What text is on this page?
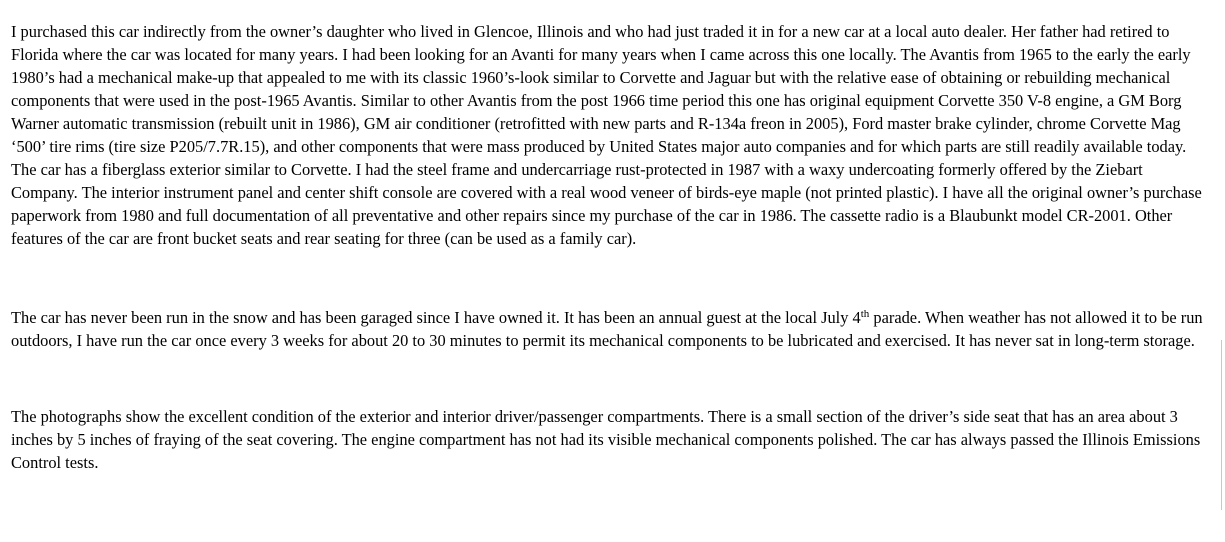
I purchased this car indirectly from the owner’s daughter who lived in Glencoe, Illinois and who had just traded it in for a new car at a local auto dealer. Her father had retired to Florida where the car was located for many years. I had been looking for an Avanti for many years when I came across this one locally. The Avantis from 1965 to the early the early 1980’s had a mechanical make-up that appealed to me with its classic 1960’s-look similar to Corvette and Jaguar but with the relative ease of obtaining or rebuilding mechanical components that were used in the post-1965 Avantis. Similar to other Avantis from the post 1966 time period this one has original equipment Corvette 350 V-8 engine, a GM Borg Warner automatic transmission (rebuilt unit in 1986), GM air conditioner (retrofitted with new parts and R-134a freon in 2005), Ford master brake cylinder, chrome Corvette Mag ‘500’ tire rims (tire size P205/7.7R.15), and other components that were mass produced by United States major auto companies and for which parts are still readily available today. The car has a fiberglass exterior similar to Corvette. I had the steel frame and undercarriage rust-protected in 1987 with a waxy undercoating formerly offered by the Ziebart Company. The interior instrument panel and center shift console are covered with a real wood veneer of birds-eye maple (not printed plastic). I have all the original owner’s purchase paperwork from 1980 and full documentation of all preventative and other repairs since my purchase of the car in 1986. The cassette radio is a Blaubunkt model CR-2001. Other features of the car are front bucket seats and rear seating for three (can be used as a family car).

The car has never been run in the snow and has been garaged since I have owned it. It has been an annual guest at the local July 4th parade. When weather has not allowed it to be run outdoors, I have run the car once every 3 weeks for about 20 to 30 minutes to permit its mechanical components to be lubricated and exercised. It has never sat in long-term storage.

The photographs show the excellent condition of the exterior and interior driver/passenger compartments. There is a small section of the driver’s side seat that has an area about 3 inches by 5 inches of fraying of the seat covering. The engine compartment has not had its visible mechanical components polished. The car has always passed the Illinois Emissions Control tests.
